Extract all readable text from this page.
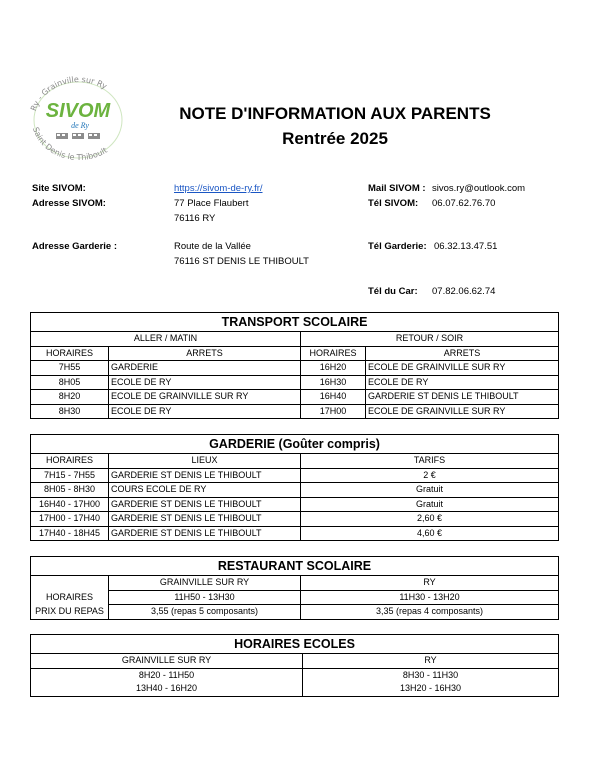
Ry - Grainville sur Ry
Saint Denis le Thiboult
SIVOM
de Ry
NOTE D'INFORMATION AUX PARENTS
Rentrée 2025
Site SIVOM:	https://sivom-de-ry.fr/
Adresse SIVOM:	77 Place Flaubert
76116 RY
Mail SIVOM : sivos.ry@outlook.com
Tél SIVOM: 06.07.62.76.70
Adresse Garderie :	Route de la Vallée
76116 ST DENIS LE THIBOULT
Tél Garderie: 06.32.13.47.51
Tél du Car: 07.82.06.62.74
TRANSPORT SCOLAIRE			
ALLER / MATIN		RETOUR / SOIR	
HORAIRES	ARRETS	HORAIRES	ARRETS
7H55	GARDERIE	16H20	ECOLE DE GRAINVILLE SUR RY
8H05	ECOLE DE RY	16H30	ECOLE DE RY
8H20	ECOLE DE GRAINVILLE SUR RY	16H40	GARDERIE ST DENIS LE THIBOULT
8H30	ECOLE DE RY	17H00	ECOLE DE GRAINVILLE SUR RY
GARDERIE (Goûter compris)		
HORAIRES	LIEUX	TARIFS
7H15 - 7H55	GARDERIE ST DENIS LE THIBOULT	2 €
8H05 - 8H30	COURS ECOLE DE RY	Gratuit
16H40 - 17H00	GARDERIE ST DENIS LE THIBOULT	Gratuit
17H00 - 17H40	GARDERIE ST DENIS LE THIBOULT	2,60 €
17H40 - 18H45	GARDERIE ST DENIS LE THIBOULT	4,60 €
RESTAURANT SCOLAIRE		
	GRAINVILLE SUR RY	RY
HORAIRES	11H50 - 13H30	11H30 - 13H20
PRIX DU REPAS	3,55 (repas 5 composants)	3,35 (repas 4 composants)
HORAIRES ECOLES	
GRAINVILLE SUR RY	RY
8H20 - 11H50	8H30 - 11H30
13H40 - 16H20	13H20 - 16H30
